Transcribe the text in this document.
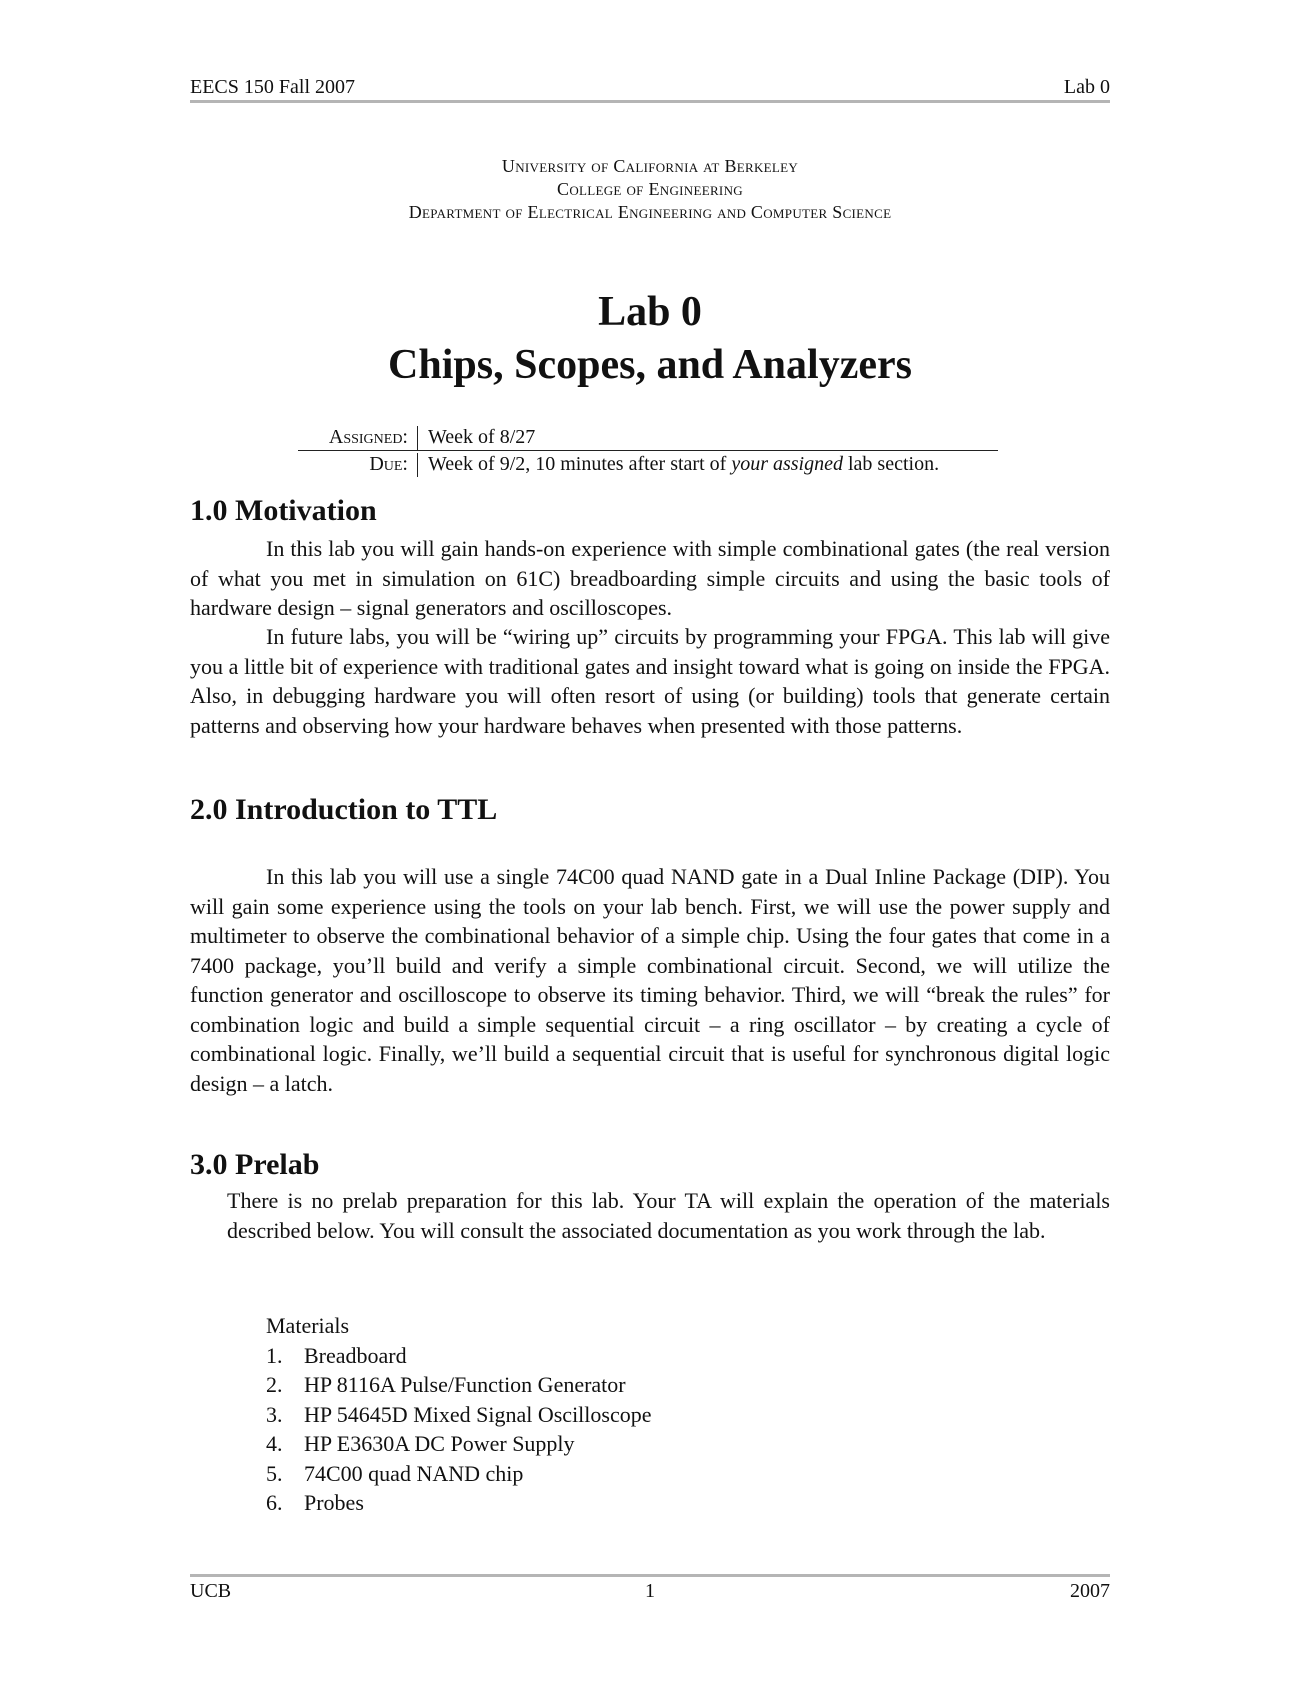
EECS 150 Fall 2007	Lab 0
University of California at Berkeley
College of Engineering
Department of Electrical Engineering and Computer Science
Lab 0
Chips, Scopes, and Analyzers
Assigned: Week of 8/27
Due: Week of 9/2, 10 minutes after start of your assigned lab section.
1.0 Motivation

In this lab you will gain hands-on experience with simple combinational gates (the real version of what you met in simulation on 61C) breadboarding simple circuits and using the basic tools of hardware design – signal generators and oscilloscopes.

In future labs, you will be “wiring up” circuits by programming your FPGA. This lab will give you a little bit of experience with traditional gates and insight toward what is going on inside the FPGA. Also, in debugging hardware you will often resort of using (or building) tools that generate certain patterns and observing how your hardware behaves when presented with those patterns.

2.0 Introduction to TTL

In this lab you will use a single 74C00 quad NAND gate in a Dual Inline Package (DIP). You will gain some experience using the tools on your lab bench. First, we will use the power supply and multimeter to observe the combinational behavior of a simple chip. Using the four gates that come in a 7400 package, you’ll build and verify a simple combinational circuit. Second, we will utilize the function generator and oscilloscope to observe its timing behavior. Third, we will “break the rules” for combination logic and build a simple sequential circuit – a ring oscillator – by creating a cycle of combinational logic. Finally, we’ll build a sequential circuit that is useful for synchronous digital logic design – a latch.

3.0 Prelab

There is no prelab preparation for this lab. Your TA will explain the operation of the materials described below. You will consult the associated documentation as you work through the lab.

Materials
1. Breadboard
2. HP 8116A Pulse/Function Generator
3. HP 54645D Mixed Signal Oscilloscope
4. HP E3630A DC Power Supply
5. 74C00 quad NAND chip
6. Probes
UCB	1	2007
